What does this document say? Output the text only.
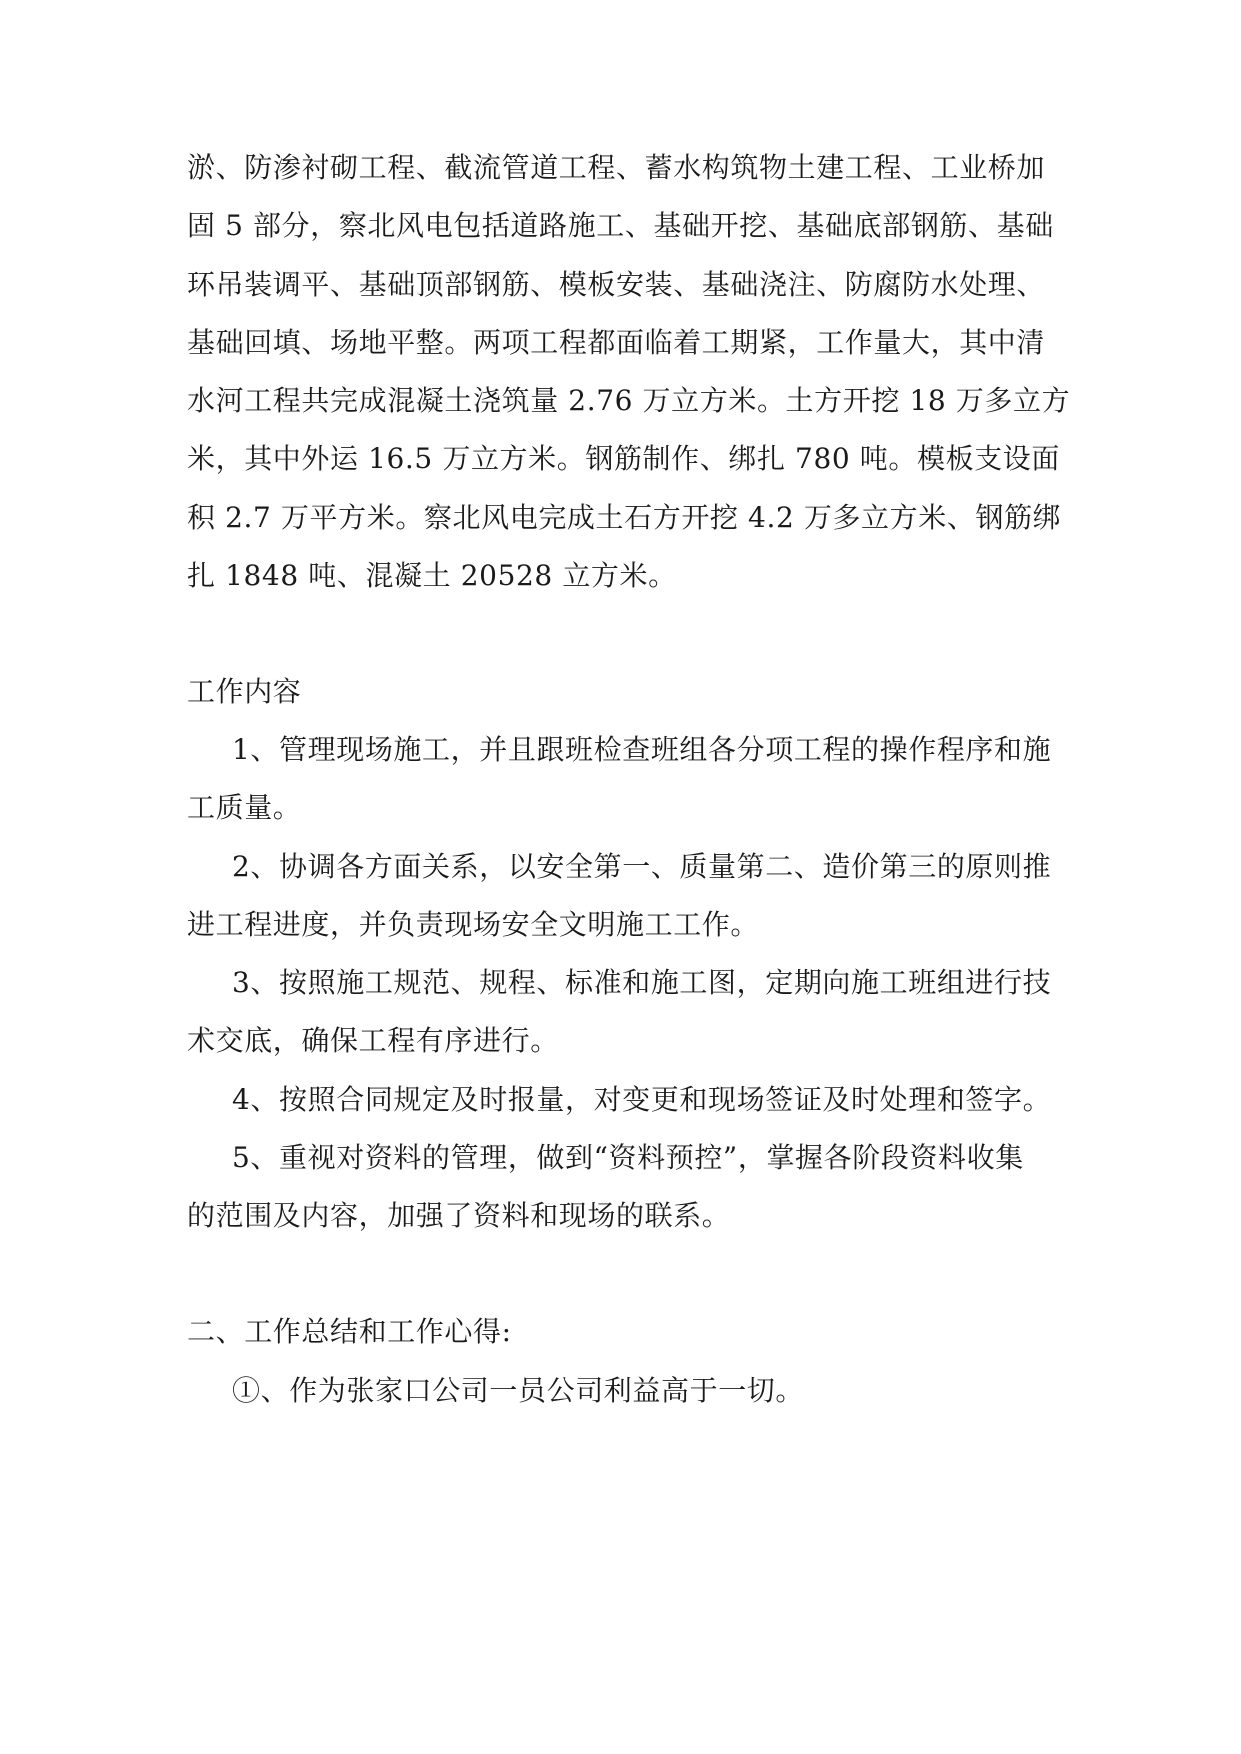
淤、防渗衬砌工程、截流管道工程、蓄水构筑物土建工程、工业桥加
固 5 部分，察北风电包括道路施工、基础开挖、基础底部钢筋、基础
环吊装调平、基础顶部钢筋、模板安装、基础浇注、防腐防水处理、
基础回填、场地平整。两项工程都面临着工期紧，工作量大，其中清
水河工程共完成混凝土浇筑量 2.76 万立方米。土方开挖 18 万多立方
米，其中外运 16.5 万立方米。钢筋制作、绑扎 780 吨。模板支设面
积 2.7 万平方米。察北风电完成土石方开挖 4.2 万多立方米、钢筋绑
扎 1848 吨、混凝土 20528 立方米。
工作内容
1、管理现场施工，并且跟班检查班组各分项工程的操作程序和施
工质量。
2、协调各方面关系，以安全第一、质量第二、造价第三的原则推
进工程进度，并负责现场安全文明施工工作。
3、按照施工规范、规程、标准和施工图，定期向施工班组进行技
术交底，确保工程有序进行。
4、按照合同规定及时报量，对变更和现场签证及时处理和签字。
5、重视对资料的管理，做到“资料预控”，掌握各阶段资料收集
的范围及内容，加强了资料和现场的联系。
二、工作总结和工作心得:
①、作为张家口公司一员公司利益高于一切。
